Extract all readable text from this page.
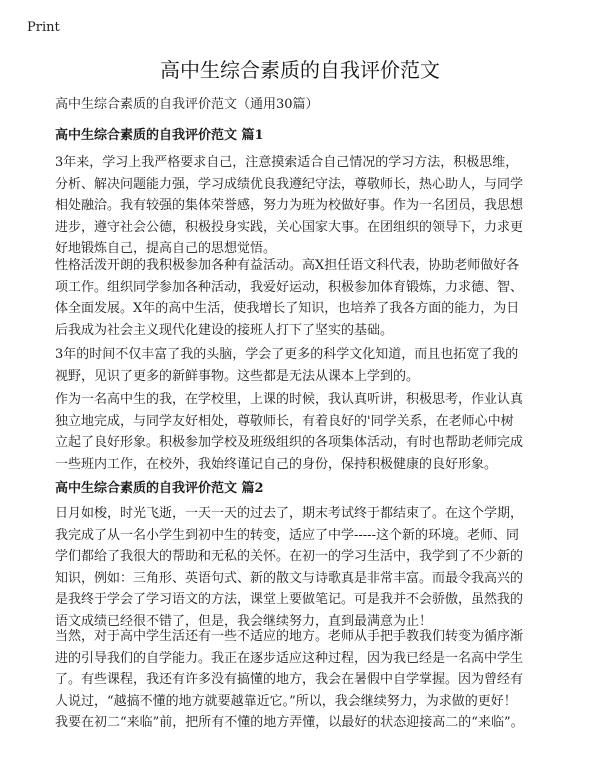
Print
高中生综合素质的自我评价范文

高中生综合素质的自我评价范文（通用30篇）

高中生综合素质的自我评价范文 篇1
3年来，学习上我严格要求自己，注意摸索适合自己情况的学习方法，积极思维，
分析、解决问题能力强，学习成绩优良我遵纪守法，尊敬师长，热心助人，与同学
相处融洽。我有较强的集体荣誉感，努力为班为校做好事。作为一名团员，我思想
进步，遵守社会公德，积极投身实践，关心国家大事。在团组织的领导下，力求更
好地锻炼自己，提高自己的思想觉悟。
性格活泼开朗的我积极参加各种有益活动。高X担任语文科代表，协助老师做好各
项工作。组织同学参加各种活动，我爱好运动，积极参加体育锻炼，力求德、智、
体全面发展。X年的高中生活，使我增长了知识，也培养了我各方面的能力，为日
后我成为社会主义现代化建设的接班人打下了坚实的基础。
3年的时间不仅丰富了我的头脑，学会了更多的科学文化知道，而且也拓宽了我的
视野，见识了更多的新鲜事物。这些都是无法从课本上学到的。
作为一名高中生的我，在学校里，上课的时候，我认真听讲，积极思考，作业认真
独立地完成，与同学友好相处，尊敬师长，有着良好的'同学关系，在老师心中树
立起了良好形象。积极参加学校及班级组织的各项集体活动，有时也帮助老师完成
一些班内工作，在校外，我始终谨记自己的身份，保持积极健康的良好形象。
高中生综合素质的自我评价范文 篇2
日月如梭，时光飞逝，一天一天的过去了，期末考试终于都结束了。在这个学期，
我完成了从一名小学生到初中生的转变，适应了中学-----这个新的环境。老师、同
学们都给了我很大的帮助和无私的关怀。在初一的学习生活中，我学到了不少新的
知识，例如：三角形、英语句式、新的散文与诗歌真是非常丰富。而最令我高兴的
是我终于学会了学习语文的方法，课堂上要做笔记。可是我并不会骄傲，虽然我的
语文成绩已经很不错了，但是，我会继续努力，直到最满意为止！
当然，对于高中学生活还有一些不适应的地方。老师从手把手教我们转变为循序渐
进的引导我们的自学能力。我正在逐步适应这种过程，因为我已经是一名高中学生
了。有些课程，我还有许多没有搞懂的地方，我会在暑假中自学掌握。因为曾经有
人说过，“越搞不懂的地方就要越靠近它。”所以，我会继续努力，为求做的更好！
我要在初二“来临”前，把所有不懂的地方弄懂，以最好的状态迎接高二的“来临”。
